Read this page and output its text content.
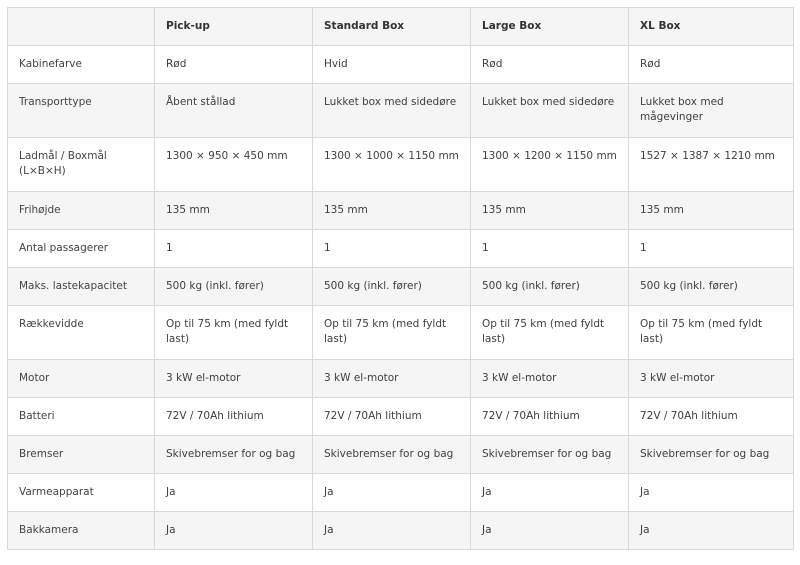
	Pick-up	Standard Box	Large Box	XL Box
Kabinefarve	Rød	Hvid	Rød	Rød
Transporttype	Åbent stållad	Lukket box med sidedøre	Lukket box med sidedøre	Lukket box med mågevinger
Ladmål / Boxmål (L×B×H)	1300 × 950 × 450 mm	1300 × 1000 × 1150 mm	1300 × 1200 × 1150 mm	1527 × 1387 × 1210 mm
Frihøjde	135 mm	135 mm	135 mm	135 mm
Antal passagerer	1	1	1	1
Maks. lastekapacitet	500 kg (inkl. fører)	500 kg (inkl. fører)	500 kg (inkl. fører)	500 kg (inkl. fører)
Rækkevidde	Op til 75 km (med fyldt last)	Op til 75 km (med fyldt last)	Op til 75 km (med fyldt last)	Op til 75 km (med fyldt last)
Motor	3 kW el-motor	3 kW el-motor	3 kW el-motor	3 kW el-motor
Batteri	72V / 70Ah lithium	72V / 70Ah lithium	72V / 70Ah lithium	72V / 70Ah lithium
Bremser	Skivebremser for og bag	Skivebremser for og bag	Skivebremser for og bag	Skivebremser for og bag
Varmeapparat	Ja	Ja	Ja	Ja
Bakkamera	Ja	Ja	Ja	Ja
